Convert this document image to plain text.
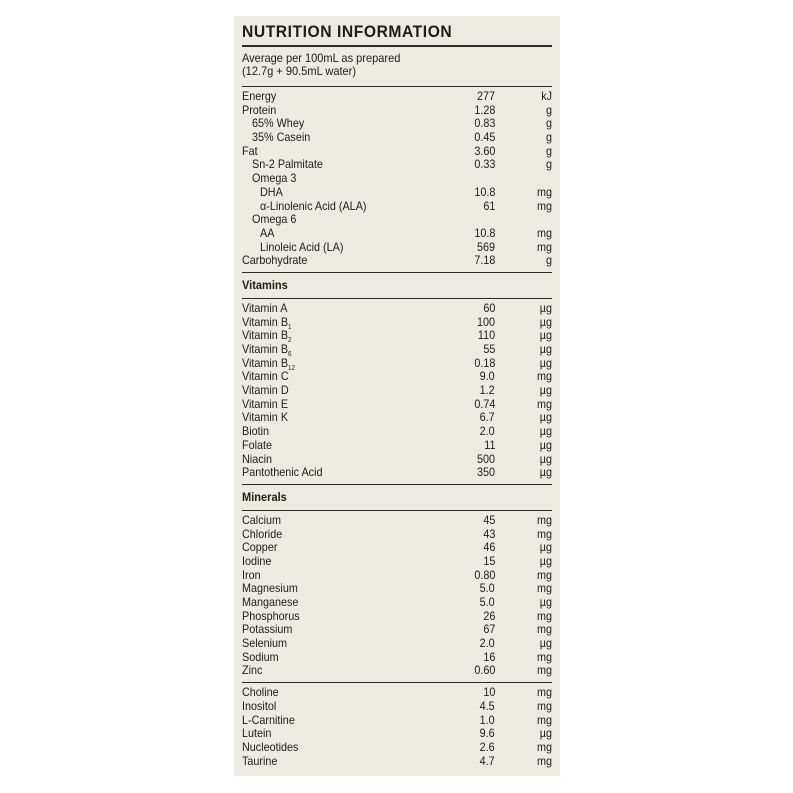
NUTRITION INFORMATION
Average per 100mL as prepared
(12.7g + 90.5mL water)
Energy	277	kJ
Protein	1.28	g
65% Whey	0.83	g
35% Casein	0.45	g
Fat	3.60	g
Sn-2 Palmitate	0.33	g
Omega 3
DHA	10.8	mg
α-Linolenic Acid (ALA)	61	mg
Omega 6
AA	10.8	mg
Linoleic Acid (LA)	569	mg
Carbohydrate	7.18	g
Vitamins
Vitamin A	60	µg
Vitamin $B_1$	100	µg
Vitamin $B_2$	110	µg
Vitamin $B_6$	55	µg
Vitamin $B_{12}$	0.18	µg
Vitamin C	9.0	mg
Vitamin D	1.2	µg
Vitamin E	0.74	mg
Vitamin K	6.7	µg
Biotin	2.0	µg
Folate	11	µg
Niacin	500	µg
Pantothenic Acid	350	µg
Minerals
Calcium	45	mg
Chloride	43	mg
Copper	46	µg
Iodine	15	µg
Iron	0.80	mg
Magnesium	5.0	mg
Manganese	5.0	µg
Phosphorus	26	mg
Potassium	67	mg
Selenium	2.0	µg
Sodium	16	mg
Zinc	0.60	mg
Choline	10	mg
Inositol	4.5	mg
L-Carnitine	1.0	mg
Lutein	9.6	µg
Nucleotides	2.6	mg
Taurine	4.7	mg
